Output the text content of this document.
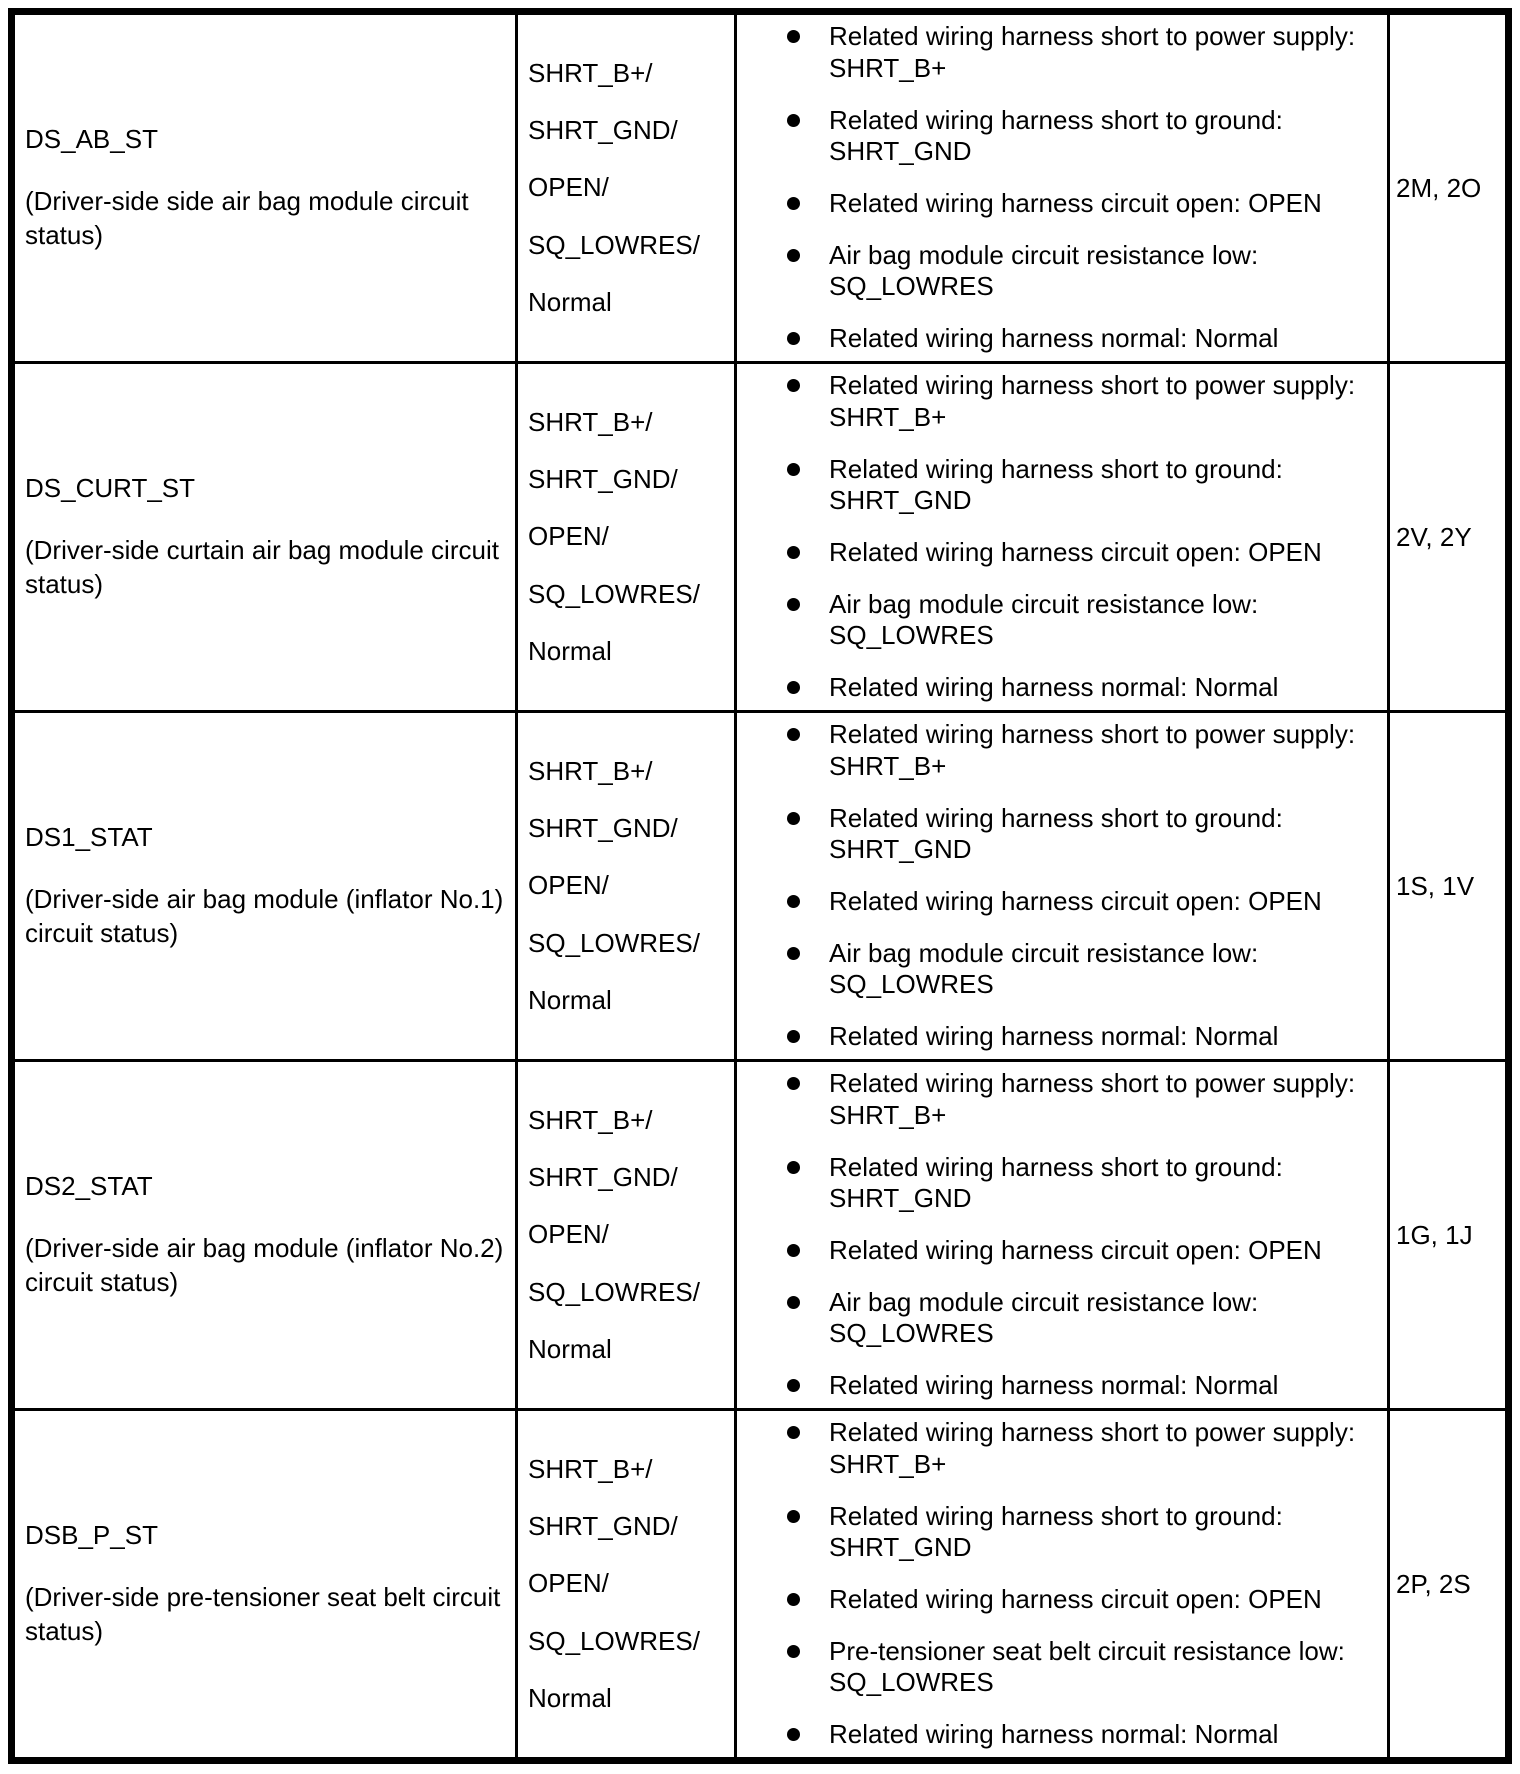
DS_AB_ST
(Driver-side side air bag module circuit status)
SHRT_B+/
SHRT_GND/
OPEN/
SQ_LOWRES/
Normal
Related wiring harness short to power supply:
SHRT_B+
Related wiring harness short to ground:
SHRT_GND
Related wiring harness circuit open: OPEN
Air bag module circuit resistance low:
SQ_LOWRES
Related wiring harness normal: Normal
2M, 2O
DS_CURT_ST
(Driver-side curtain air bag module circuit status)
SHRT_B+/
SHRT_GND/
OPEN/
SQ_LOWRES/
Normal
Related wiring harness short to power supply:
SHRT_B+
Related wiring harness short to ground:
SHRT_GND
Related wiring harness circuit open: OPEN
Air bag module circuit resistance low:
SQ_LOWRES
Related wiring harness normal: Normal
2V, 2Y
DS1_STAT
(Driver-side air bag module (inflator No.1) circuit status)
SHRT_B+/
SHRT_GND/
OPEN/
SQ_LOWRES/
Normal
Related wiring harness short to power supply:
SHRT_B+
Related wiring harness short to ground:
SHRT_GND
Related wiring harness circuit open: OPEN
Air bag module circuit resistance low:
SQ_LOWRES
Related wiring harness normal: Normal
1S, 1V
DS2_STAT
(Driver-side air bag module (inflator No.2) circuit status)
SHRT_B+/
SHRT_GND/
OPEN/
SQ_LOWRES/
Normal
Related wiring harness short to power supply:
SHRT_B+
Related wiring harness short to ground:
SHRT_GND
Related wiring harness circuit open: OPEN
Air bag module circuit resistance low:
SQ_LOWRES
Related wiring harness normal: Normal
1G, 1J
DSB_P_ST
(Driver-side pre-tensioner seat belt circuit status)
SHRT_B+/
SHRT_GND/
OPEN/
SQ_LOWRES/
Normal
Related wiring harness short to power supply:
SHRT_B+
Related wiring harness short to ground:
SHRT_GND
Related wiring harness circuit open: OPEN
Pre-tensioner seat belt circuit resistance low:
SQ_LOWRES
Related wiring harness normal: Normal
2P, 2S
